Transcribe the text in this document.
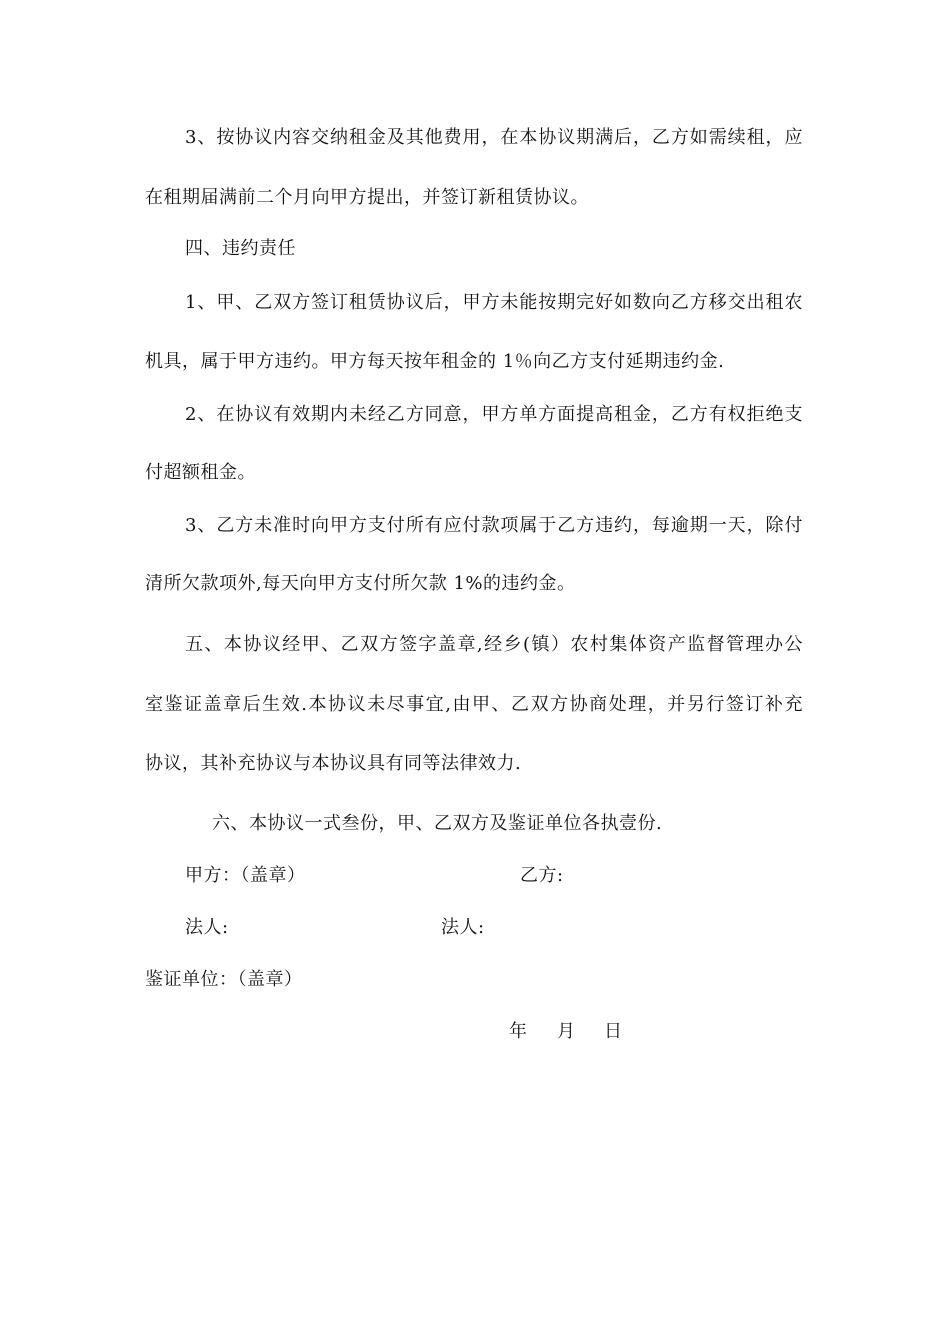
3、按协议内容交纳租金及其他费用，在本协议期满后，乙方如需续租，应
在租期届满前二个月向甲方提出，并签订新租赁协议。
四、违约责任
1、甲、乙双方签订租赁协议后，甲方未能按期完好如数向乙方移交出租农
机具，属于甲方违约。甲方每天按年租金的 1％向乙方支付延期违约金.
2、在协议有效期内未经乙方同意，甲方单方面提高租金，乙方有权拒绝支
付超额租金。
3、乙方未准时向甲方支付所有应付款项属于乙方违约，每逾期一天，除付
清所欠款项外,每天向甲方支付所欠款 1%的违约金。
五、本协议经甲、乙双方签字盖章,经乡(镇）农村集体资产监督管理办公
室鉴证盖章后生效.本协议未尽事宜,由甲、乙双方协商处理，并另行签订补充
协议，其补充协议与本协议具有同等法律效力.
六、本协议一式叁份，甲、乙双方及鉴证单位各执壹份.
甲方：（盖章）	乙方:
法人:	法人:
鉴证单位：（盖章）
年 月 日
